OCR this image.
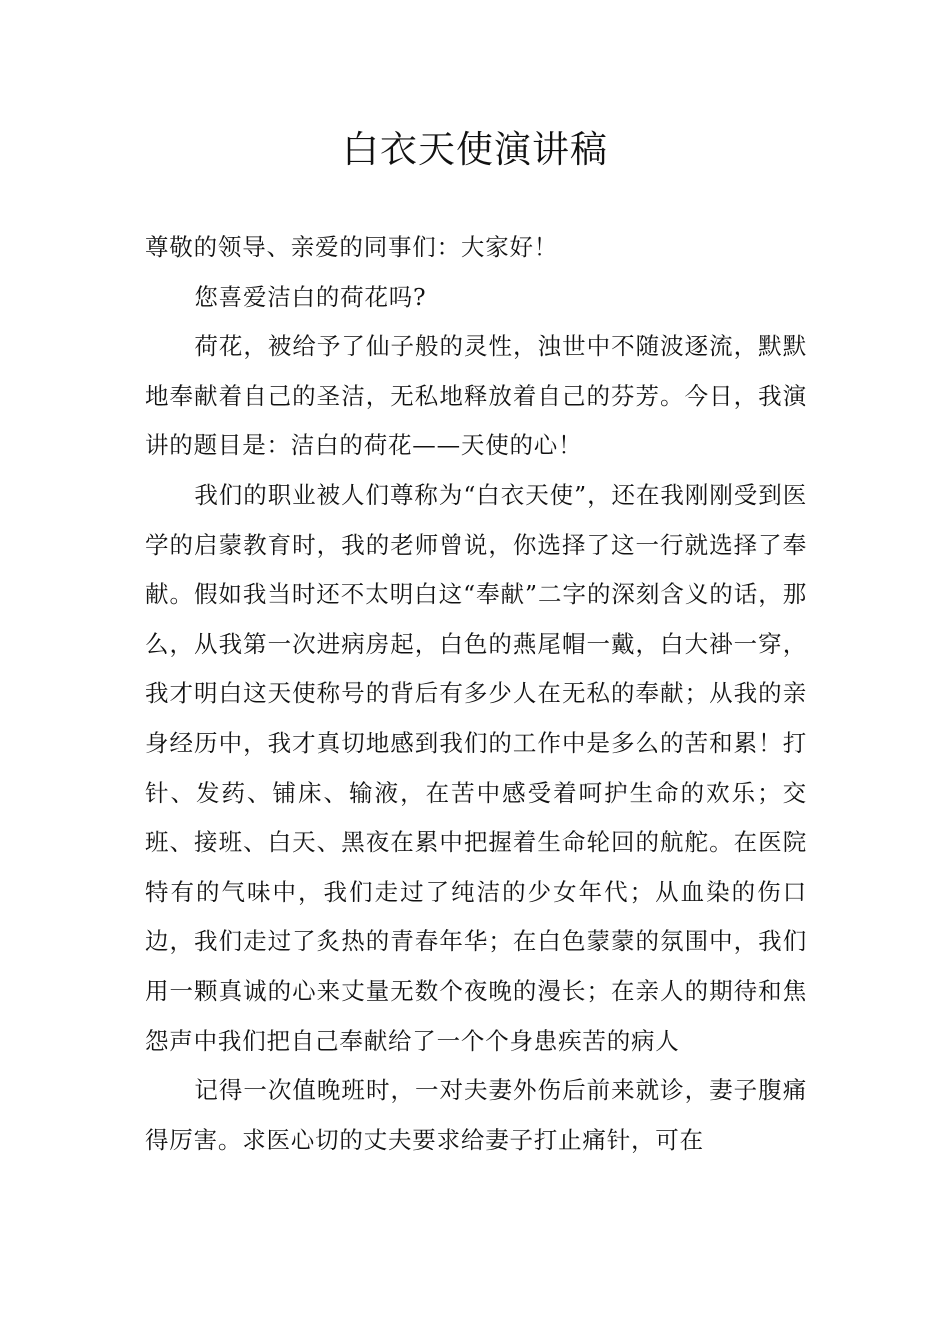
白衣天使演讲稿

尊敬的领导、亲爱的同事们：大家好！

您喜爱洁白的荷花吗?

荷花，被给予了仙子般的灵性，浊世中不随波逐流，默默地奉献着自己的圣洁，无私地释放着自己的芬芳。今日，我演讲的题目是：洁白的荷花——天使的心！

我们的职业被人们尊称为“白衣天使”，还在我刚刚受到医学的启蒙教育时，我的老师曾说，你选择了这一行就选择了奉献。假如我当时还不太明白这“奉献”二字的深刻含义的话，那么，从我第一次进病房起，白色的燕尾帽一戴，白大褂一穿，我才明白这天使称号的背后有多少人在无私的奉献；从我的亲身经历中，我才真切地感到我们的工作中是多么的苦和累！打针、发药、铺床、输液，在苦中感受着呵护生命的欢乐；交班、接班、白天、黑夜在累中把握着生命轮回的航舵。在医院特有的气味中，我们走过了纯洁的少女年代；从血染的伤口边，我们走过了炙热的青春年华；在白色蒙蒙的氛围中，我们用一颗真诚的心来丈量无数个夜晚的漫长；在亲人的期待和焦怨声中我们把自己奉献给了一个个身患疾苦的病人

记得一次值晚班时，一对夫妻外伤后前来就诊，妻子腹痛得厉害。求医心切的丈夫要求给妻子打止痛针，可在
